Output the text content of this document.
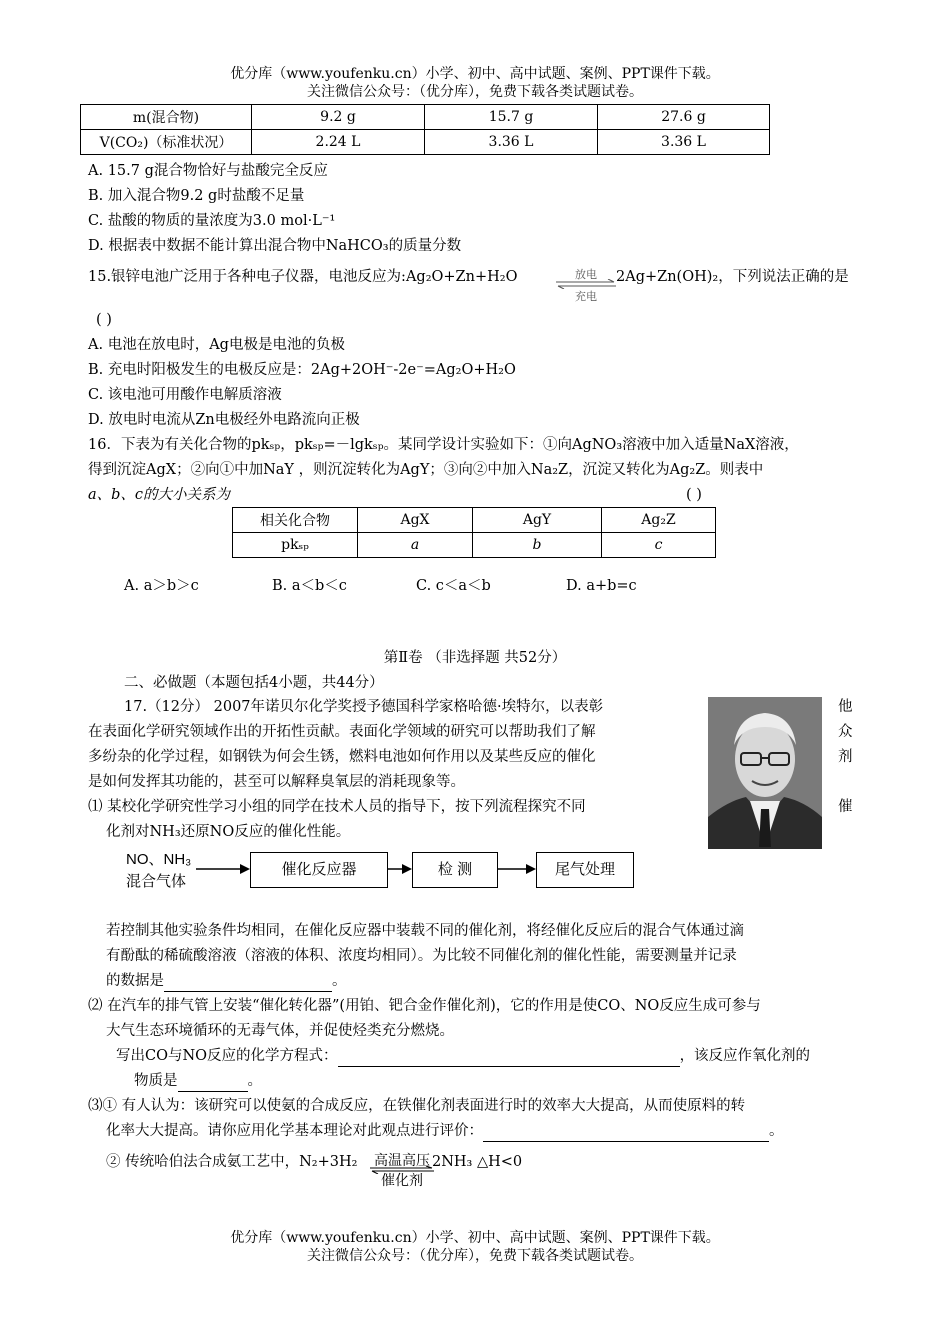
优分库（www.youfenku.cn）小学、初中、高中试题、案例、PPT课件下载。
关注微信公众号：（优分库），免费下载各类试题试卷。
m(混合物)	9.2 g	15.7 g	27.6 g
V(CO₂)（标准状况）	2.24 L	3.36 L	3.36 L
A. 15.7 g混合物恰好与盐酸完全反应
B. 加入混合物9.2 g时盐酸不足量
C. 盐酸的物质的量浓度为3.0 mol·L⁻¹
D. 根据表中数据不能计算出混合物中NaHCO₃的质量分数
15.银锌电池广泛用于各种电子仪器，电池反应为:Ag₂O+Zn+H₂O	放电
充电
2Ag+Zn(OH)₂，下列说法正确的是
( )
A. 电池在放电时，Ag电极是电池的负极
B. 充电时阳极发生的电极反应是：2Ag+2OH⁻-2e⁻=Ag₂O+H₂O
C. 该电池可用酸作电解质溶液
D. 放电时电流从Zn电极经外电路流向正极
16．下表为有关化合物的pkₛₚ，pkₛₚ=－lgkₛₚ。某同学设计实验如下：①向AgNO₃溶液中加入适量NaX溶液，
得到沉淀AgX；②向①中加NaY ，则沉淀转化为AgY；③向②中加入Na₂Z，沉淀又转化为Ag₂Z。则表中
a、b、c的大小关系为	( )
相关化合物	AgX	AgY	Ag₂Z
pkₛₚ	a	b	c
A. a＞b＞c	B. a＜b＜c	C. c＜a＜b	D. a+b=c
第Ⅱ卷 （非选择题 共52分）
二、必做题（本题包括4小题，共44分）
17.（12分） 2007年诺贝尔化学奖授予德国科学家格哈德·埃特尔，以表彰
在表面化学研究领域作出的开拓性贡献。表面化学领域的研究可以帮助我们了解
多纷杂的化学过程，如钢铁为何会生锈，燃料电池如何作用以及某些反应的催化
是如何发挥其功能的，甚至可以解释臭氧层的消耗现象等。
他
众
剂
催
⑴ 某校化学研究性学习小组的同学在技术人员的指导下，按下列流程探究不同
化剂对NH₃还原NO反应的催化性能。
NO、NH₃
混合气体
催化反应器	检 测	尾气处理
若控制其他实验条件均相同，在催化反应器中装载不同的催化剂，将经催化反应后的混合气体通过滴
有酚酞的稀硫酸溶液（溶液的体积、浓度均相同）。为比较不同催化剂的催化性能，需要测量并记录
的数据是	。
⑵ 在汽车的排气管上安装“催化转化器”(用铂、钯合金作催化剂)，它的作用是使CO、NO反应生成可参与
大气生态环境循环的无毒气体，并促使烃类充分燃烧。
写出CO与NO反应的化学方程式：	，该反应作氧化剂的
物质是	。
⑶① 有人认为：该研究可以使氨的合成反应，在铁催化剂表面进行时的效率大大提高，从而使原料的转
化率大大提高。请你应用化学基本理论对此观点进行评价：	。
② 传统哈伯法合成氨工艺中，N₂+3H₂ 高温高压
催化剂
2NH₃ △H<0
优分库（www.youfenku.cn）小学、初中、高中试题、案例、PPT课件下载。
关注微信公众号：（优分库），免费下载各类试题试卷。
